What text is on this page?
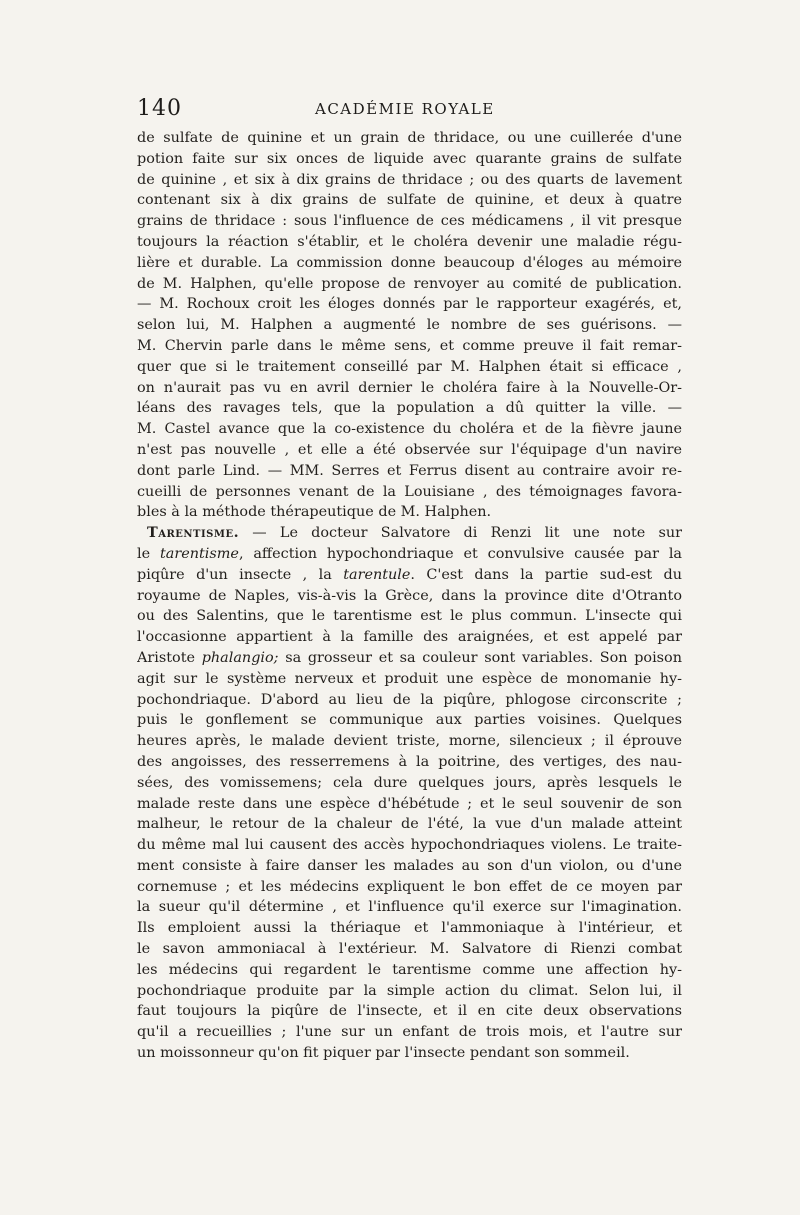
140	ACADÉMIE ROYALE
de sulfate de quinine et un grain de thridace, ou une cuillerée d'une
potion faite sur six onces de liquide avec quarante grains de sulfate
de quinine , et six à dix grains de thridace ; ou des quarts de lavement
contenant six à dix grains de sulfate de quinine, et deux à quatre
grains de thridace : sous l'influence de ces médicamens , il vit presque
toujours la réaction s'établir, et le choléra devenir une maladie régu-
lière et durable. La commission donne beaucoup d'éloges au mémoire
de M. Halphen, qu'elle propose de renvoyer au comité de publication.
— M. Rochoux croit les éloges donnés par le rapporteur exagérés, et,
selon lui, M. Halphen a augmenté le nombre de ses guérisons. —
M. Chervin parle dans le même sens, et comme preuve il fait remar-
quer que si le traitement conseillé par M. Halphen était si efficace ,
on n'aurait pas vu en avril dernier le choléra faire à la Nouvelle-Or-
léans des ravages tels, que la population a dû quitter la ville. —
M. Castel avance que la co-existence du choléra et de la fièvre jaune
n'est pas nouvelle , et elle a été observée sur l'équipage d'un navire
dont parle Lind. — MM. Serres et Ferrus disent au contraire avoir re-
cueilli de personnes venant de la Louisiane , des témoignages favora-
bles à la méthode thérapeutique de M. Halphen.
Tarentisme. — Le docteur Salvatore di Renzi lit une note sur
le tarentisme, affection hypochondriaque et convulsive causée par la
piqûre d'un insecte , la tarentule. C'est dans la partie sud-est du
royaume de Naples, vis-à-vis la Grèce, dans la province dite d'Otranto
ou des Salentins, que le tarentisme est le plus commun. L'insecte qui
l'occasionne appartient à la famille des araignées, et est appelé par
Aristote phalangio; sa grosseur et sa couleur sont variables. Son poison
agit sur le système nerveux et produit une espèce de monomanie hy-
pochondriaque. D'abord au lieu de la piqûre, phlogose circonscrite ;
puis le gonflement se communique aux parties voisines. Quelques
heures après, le malade devient triste, morne, silencieux ; il éprouve
des angoisses, des resserremens à la poitrine, des vertiges, des nau-
sées, des vomissemens; cela dure quelques jours, après lesquels le
malade reste dans une espèce d'hébétude ; et le seul souvenir de son
malheur, le retour de la chaleur de l'été, la vue d'un malade atteint
du même mal lui causent des accès hypochondriaques violens. Le traite-
ment consiste à faire danser les malades au son d'un violon, ou d'une
cornemuse ; et les médecins expliquent le bon effet de ce moyen par
la sueur qu'il détermine , et l'influence qu'il exerce sur l'imagination.
Ils emploient aussi la thériaque et l'ammoniaque à l'intérieur, et
le savon ammoniacal à l'extérieur. M. Salvatore di Rienzi combat
les médecins qui regardent le tarentisme comme une affection hy-
pochondriaque produite par la simple action du climat. Selon lui, il
faut toujours la piqûre de l'insecte, et il en cite deux observations
qu'il a recueillies ; l'une sur un enfant de trois mois, et l'autre sur
un moissonneur qu'on fit piquer par l'insecte pendant son sommeil.
